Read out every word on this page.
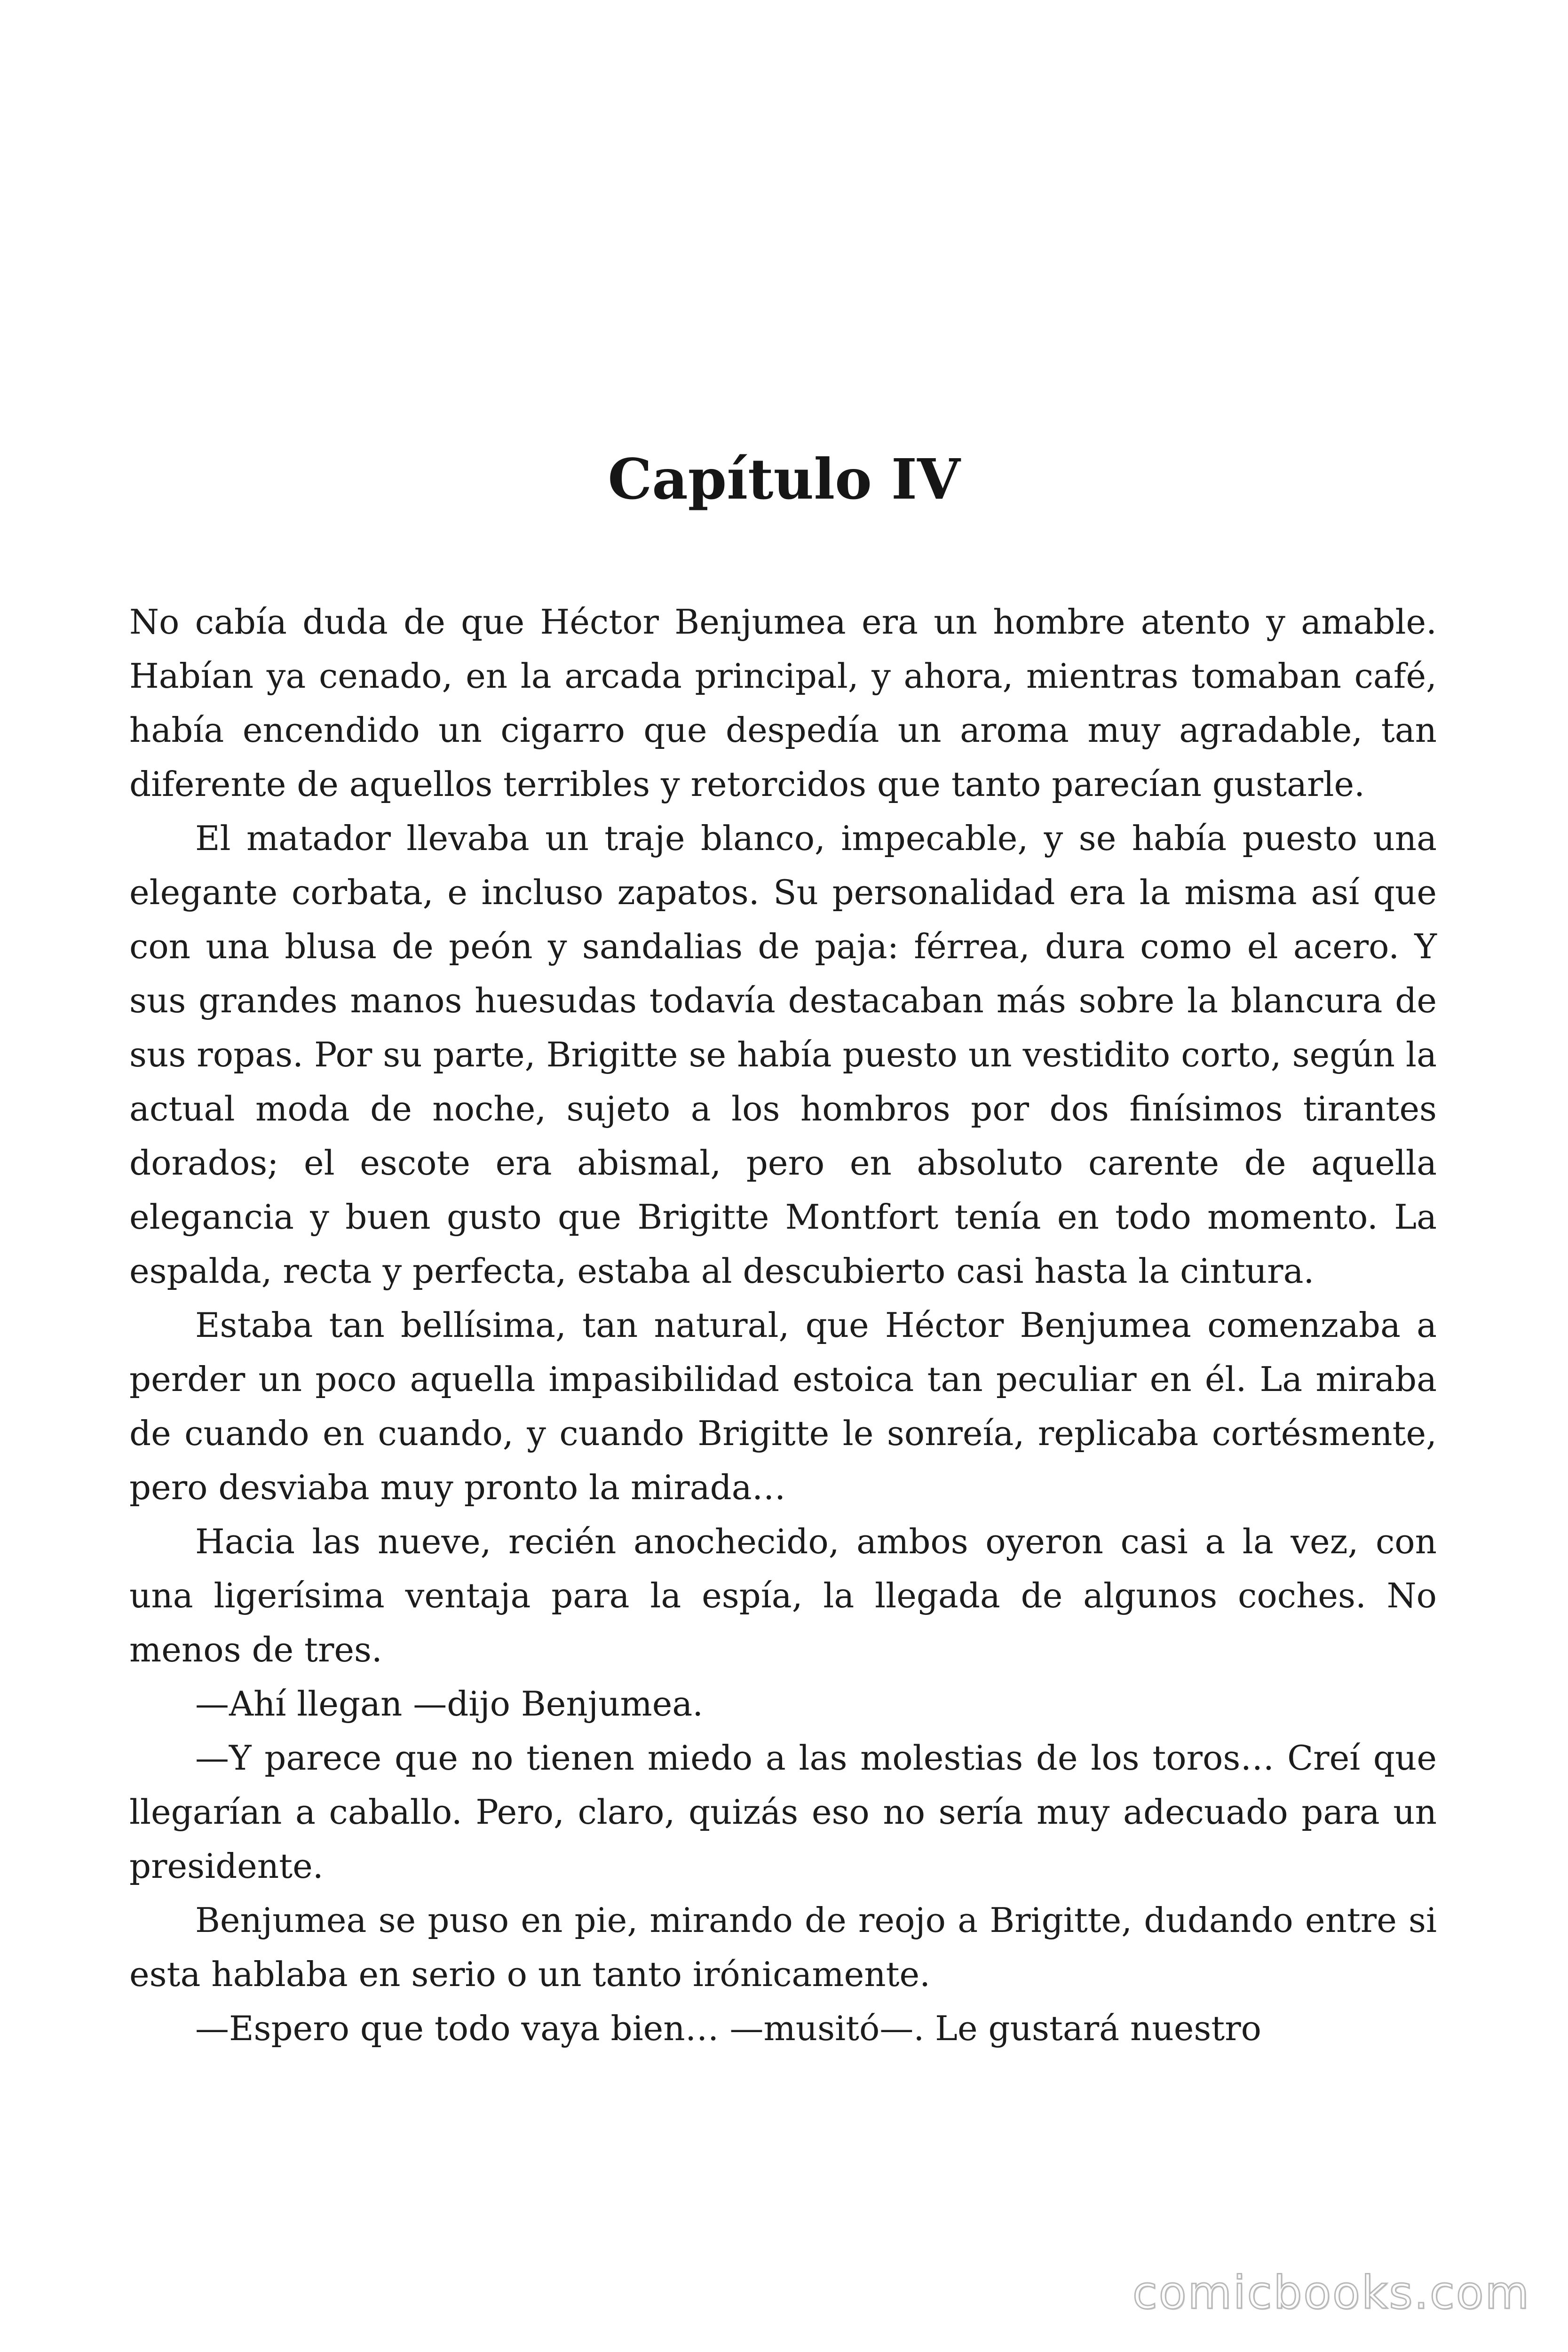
Capítulo IV

No cabía duda de que Héctor Benjumea era un hombre atento y amable. Habían ya cenado, en la arcada principal, y ahora, mientras tomaban café, había encendido un cigarro que despedía un aroma muy agradable, tan diferente de aquellos terribles y retorcidos que tanto parecían gustarle.

El matador llevaba un traje blanco, impecable, y se había puesto una elegante corbata, e incluso zapatos. Su personalidad era la misma así que con una blusa de peón y sandalias de paja: férrea, dura como el acero. Y sus grandes manos huesudas todavía destacaban más sobre la blancura de sus ropas. Por su parte, Brigitte se había puesto un vestidito corto, según la actual moda de noche, sujeto a los hombros por dos finísimos tirantes dorados; el escote era abismal, pero en absoluto carente de aquella elegancia y buen gusto que Brigitte Montfort tenía en todo momento. La espalda, recta y perfecta, estaba al descubierto casi hasta la cintura.

Estaba tan bellísima, tan natural, que Héctor Benjumea comenzaba a perder un poco aquella impasibilidad estoica tan peculiar en él. La miraba de cuando en cuando, y cuando Brigitte le sonreía, replicaba cortésmente, pero desviaba muy pronto la mirada…

Hacia las nueve, recién anochecido, ambos oyeron casi a la vez, con una ligerísima ventaja para la espía, la llegada de algunos coches. No menos de tres.

—Ahí llegan —dijo Benjumea.

—Y parece que no tienen miedo a las molestias de los toros… Creí que llegarían a caballo. Pero, claro, quizás eso no sería muy adecuado para un presidente.

Benjumea se puso en pie, mirando de reojo a Brigitte, dudando entre si esta hablaba en serio o un tanto irónicamente.

—Espero que todo vaya bien… —musitó—. Le gustará nuestro

comicbooks.com
